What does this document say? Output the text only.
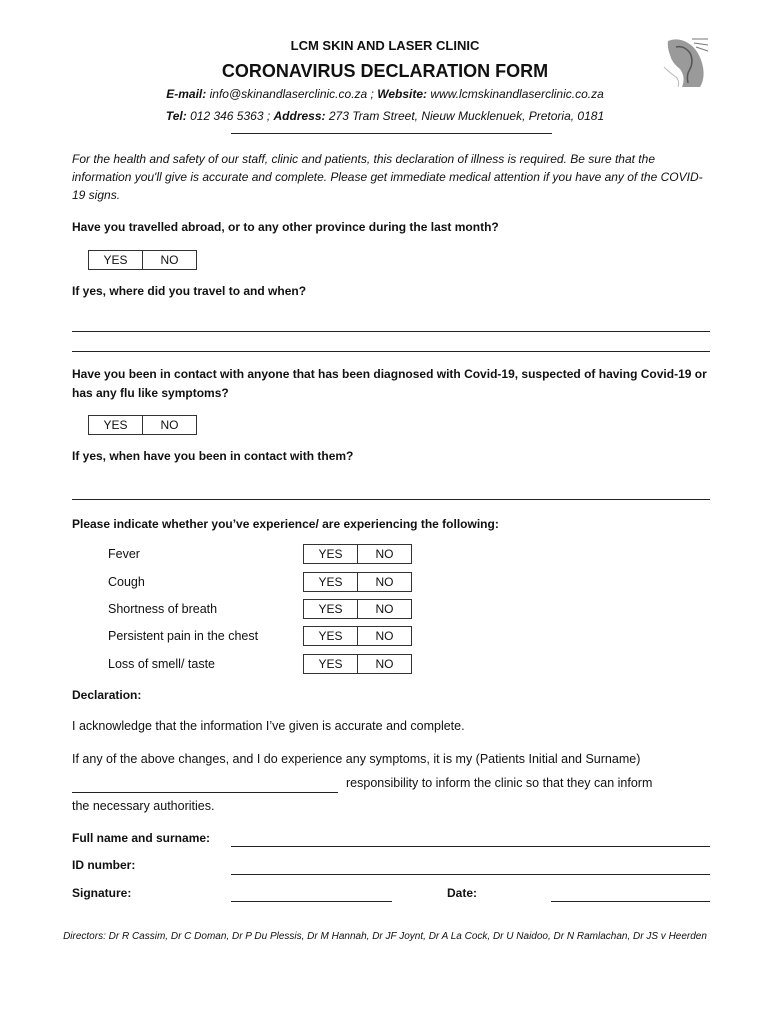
LCM SKIN AND LASER CLINIC
CORONAVIRUS DECLARATION FORM
E-mail: info@skinandlaserclinic.co.za ; Website: www.lcmskinandlaserclinic.co.za
Tel: 012 346 5363 ; Address: 273 Tram Street, Nieuw Mucklenuek, Pretoria, 0181
For the health and safety of our staff, clinic and patients, this declaration of illness is required. Be sure that the information you'll give is accurate and complete. Please get immediate medical attention if you have any of the COVID-19 signs.
Have you travelled abroad, or to any other province during the last month?
YES	NO
If yes, where did you travel to and when?
Have you been in contact with anyone that has been diagnosed with Covid-19, suspected of having Covid-19 or has any flu like symptoms?
YES	NO
If yes, when have you been in contact with them?
Please indicate whether you’ve experience/ are experiencing the following:
Fever	YES	NO
Cough	YES	NO
Shortness of breath	YES	NO
Persistent pain in the chest	YES	NO
Loss of smell/ taste	YES	NO
Declaration:
I acknowledge that the information I’ve given is accurate and complete.
If any of the above changes, and I do experience any symptoms, it is my (Patients Initial and Surname)
responsibility to inform the clinic so that they can inform
the necessary authorities.
Full name and surname:
ID number:
Signature:	Date:
Directors: Dr R Cassim, Dr C Doman, Dr P Du Plessis, Dr M Hannah, Dr JF Joynt, Dr A La Cock, Dr U Naidoo, Dr N Ramlachan, Dr JS v Heerden
